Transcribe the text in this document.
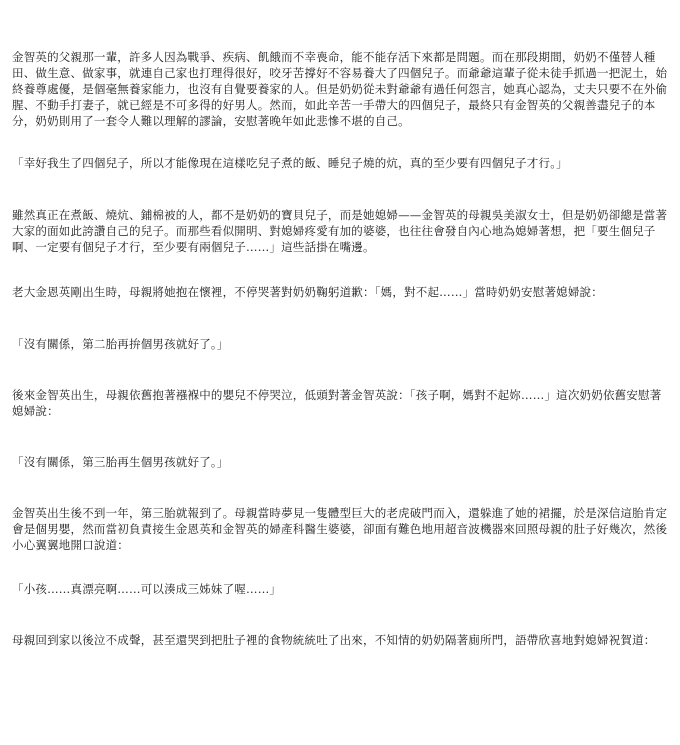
金智英的父親那一輩，許多人因為戰爭、疾病、飢餓而不幸喪命，能不能存活下來都是問題。而在那段期間，奶奶不僅替人種田、做生意、做家事，就連自己家也打理得很好，咬牙苦撐好不容易養大了四個兒子。而爺爺這輩子從未徒手抓過一把泥土，始終養尊處優，是個毫無養家能力，也沒有自覺要養家的人。但是奶奶從未對爺爺有過任何怨言，她真心認為，丈夫只要不在外偷腥、不動手打妻子，就已經是不可多得的好男人。然而，如此辛苦一手帶大的四個兒子，最終只有金智英的父親善盡兒子的本分，奶奶則用了一套令人難以理解的謬論，安慰著晚年如此悲慘不堪的自己。

「幸好我生了四個兒子，所以才能像現在這樣吃兒子煮的飯、睡兒子燒的炕，真的至少要有四個兒子才行。」

雖然真正在煮飯、燒炕、鋪棉被的人，都不是奶奶的寶貝兒子，而是她媳婦——金智英的母親吳美淑女士，但是奶奶卻總是當著大家的面如此誇讚自己的兒子。而那些看似開明、對媳婦疼愛有加的婆婆，也往往會發自內心地為媳婦著想，把「要生個兒子啊、一定要有個兒子才行，至少要有兩個兒子……」這些話掛在嘴邊。

老大金恩英剛出生時，母親將她抱在懷裡，不停哭著對奶奶鞠躬道歉：「媽，對不起……」當時奶奶安慰著媳婦說：

「沒有關係，第二胎再拚個男孩就好了。」

後來金智英出生，母親依舊抱著襁褓中的嬰兒不停哭泣，低頭對著金智英說：「孩子啊，媽對不起妳……」這次奶奶依舊安慰著媳婦說：

「沒有關係，第三胎再生個男孩就好了。」

金智英出生後不到一年，第三胎就報到了。母親當時夢見一隻體型巨大的老虎破門而入，還躲進了她的裙擺，於是深信這胎肯定會是個男嬰，然而當初負責接生金恩英和金智英的婦產科醫生婆婆，卻面有難色地用超音波機器來回照母親的肚子好幾次，然後小心翼翼地開口說道：

「小孩……真漂亮啊……可以湊成三姊妹了喔……」

母親回到家以後泣不成聲，甚至還哭到把肚子裡的食物統統吐了出來，不知情的奶奶隔著廁所門，語帶欣喜地對媳婦祝賀道：
